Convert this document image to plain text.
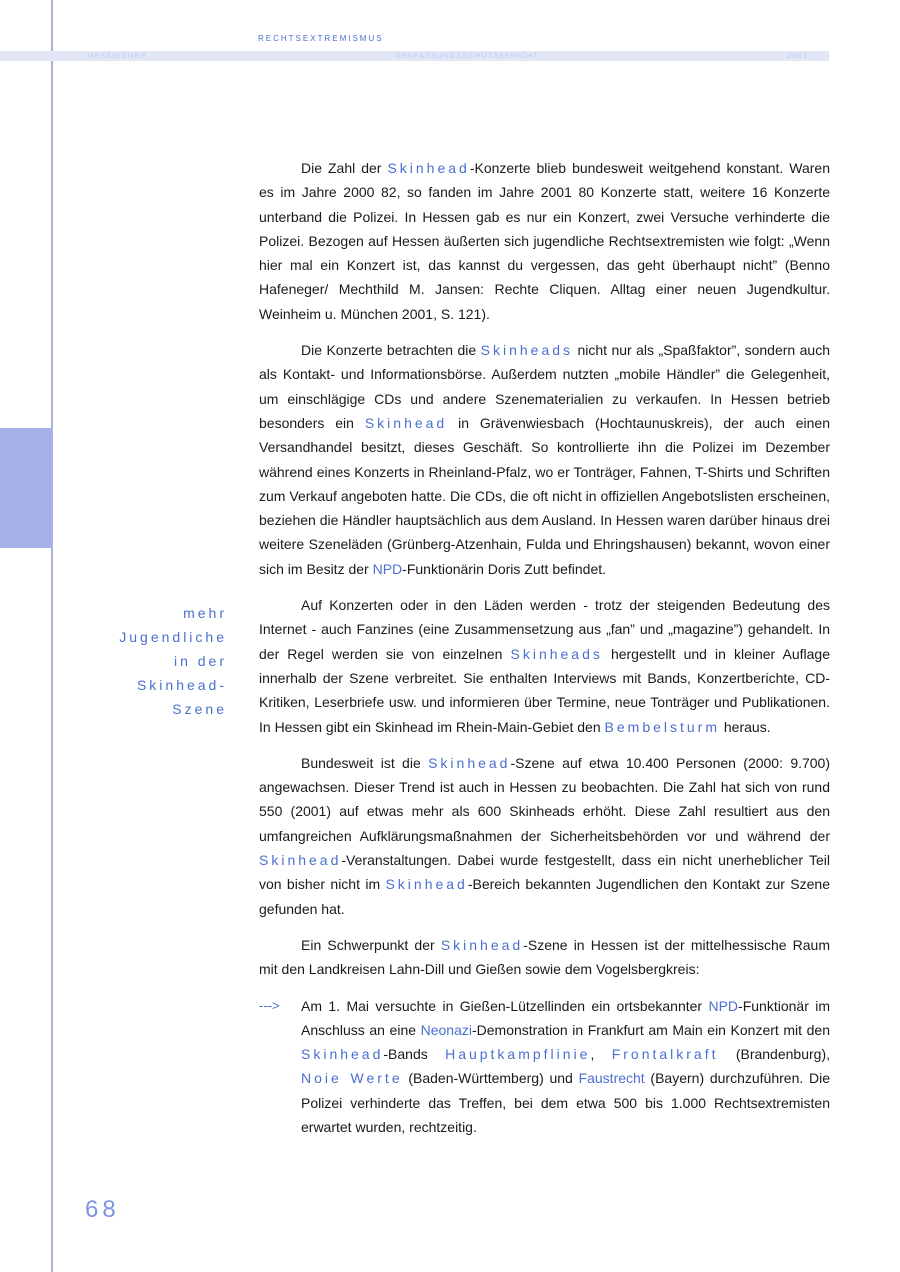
RECHTSEXTREMISMUS
HESSISCHER	VERFASSUNGSSCHUTZBERICHT	2001
mehr
Jugendliche
in der
Skinhead-
Szene

Die Zahl der Skinhead-Konzerte blieb bundesweit weitgehend konstant. Waren es im Jahre 2000 82, so fanden im Jahre 2001 80 Konzerte statt, weitere 16 Konzerte unterband die Polizei. In Hessen gab es nur ein Konzert, zwei Versuche verhinderte die Polizei. Bezogen auf Hessen äußerten sich jugendliche Rechtsextremisten wie folgt: „Wenn hier mal ein Konzert ist, das kannst du vergessen, das geht überhaupt nicht” (Benno Hafeneger/ Mechthild M. Jansen: Rechte Cliquen. Alltag einer neuen Jugendkultur. Weinheim u. München 2001, S. 121).

Die Konzerte betrachten die Skinheads nicht nur als „Spaßfaktor”, sondern auch als Kontakt- und Informationsbörse. Außerdem nutzten „mobile Händler” die Gelegenheit, um einschlägige CDs und andere Szenematerialien zu verkaufen. In Hessen betrieb besonders ein Skinhead in Grävenwiesbach (Hochtaunuskreis), der auch einen Versandhandel besitzt, dieses Geschäft. So kontrollierte ihn die Polizei im Dezember während eines Konzerts in Rheinland-Pfalz, wo er Tonträger, Fahnen, T-Shirts und Schriften zum Verkauf angeboten hatte. Die CDs, die oft nicht in offiziellen Angebotslisten erscheinen, beziehen die Händler hauptsächlich aus dem Ausland. In Hessen waren darüber hinaus drei weitere Szeneläden (Grünberg-Atzenhain, Fulda und Ehringshausen) bekannt, wovon einer sich im Besitz der NPD-Funktionärin Doris Zutt befindet.

Auf Konzerten oder in den Läden werden - trotz der steigenden Bedeutung des Internet - auch Fanzines (eine Zusammensetzung aus „fan” und „magazine”) gehandelt. In der Regel werden sie von einzelnen Skinheads hergestellt und in kleiner Auflage innerhalb der Szene verbreitet. Sie enthalten Interviews mit Bands, Konzertberichte, CD-Kritiken, Leserbriefe usw. und informieren über Termine, neue Tonträger und Publikationen. In Hessen gibt ein Skinhead im Rhein-Main-Gebiet den Bembelsturm heraus.

Bundesweit ist die Skinhead-Szene auf etwa 10.400 Personen (2000: 9.700) angewachsen. Dieser Trend ist auch in Hessen zu beobachten. Die Zahl hat sich von rund 550 (2001) auf etwas mehr als 600 Skinheads erhöht. Diese Zahl resultiert aus den umfangreichen Aufklärungsmaßnahmen der Sicherheitsbehörden vor und während der Skinhead-Veranstaltungen. Dabei wurde festgestellt, dass ein nicht unerheblicher Teil von bisher nicht im Skinhead-Bereich bekannten Jugendlichen den Kontakt zur Szene gefunden hat.

Ein Schwerpunkt der Skinhead-Szene in Hessen ist der mittelhessische Raum mit den Landkreisen Lahn-Dill und Gießen sowie dem Vogelsbergkreis:

---> Am 1. Mai versuchte in Gießen-Lützellinden ein ortsbekannter NPD-Funktionär im Anschluss an eine Neonazi-Demonstration in Frankfurt am Main ein Konzert mit den Skinhead-Bands Hauptkampflinie, Frontalkraft (Brandenburg), Noie Werte (Baden-Württemberg) und Faustrecht (Bayern) durchzuführen. Die Polizei verhinderte das Treffen, bei dem etwa 500 bis 1.000 Rechtsextremisten erwartet wurden, rechtzeitig.
68
